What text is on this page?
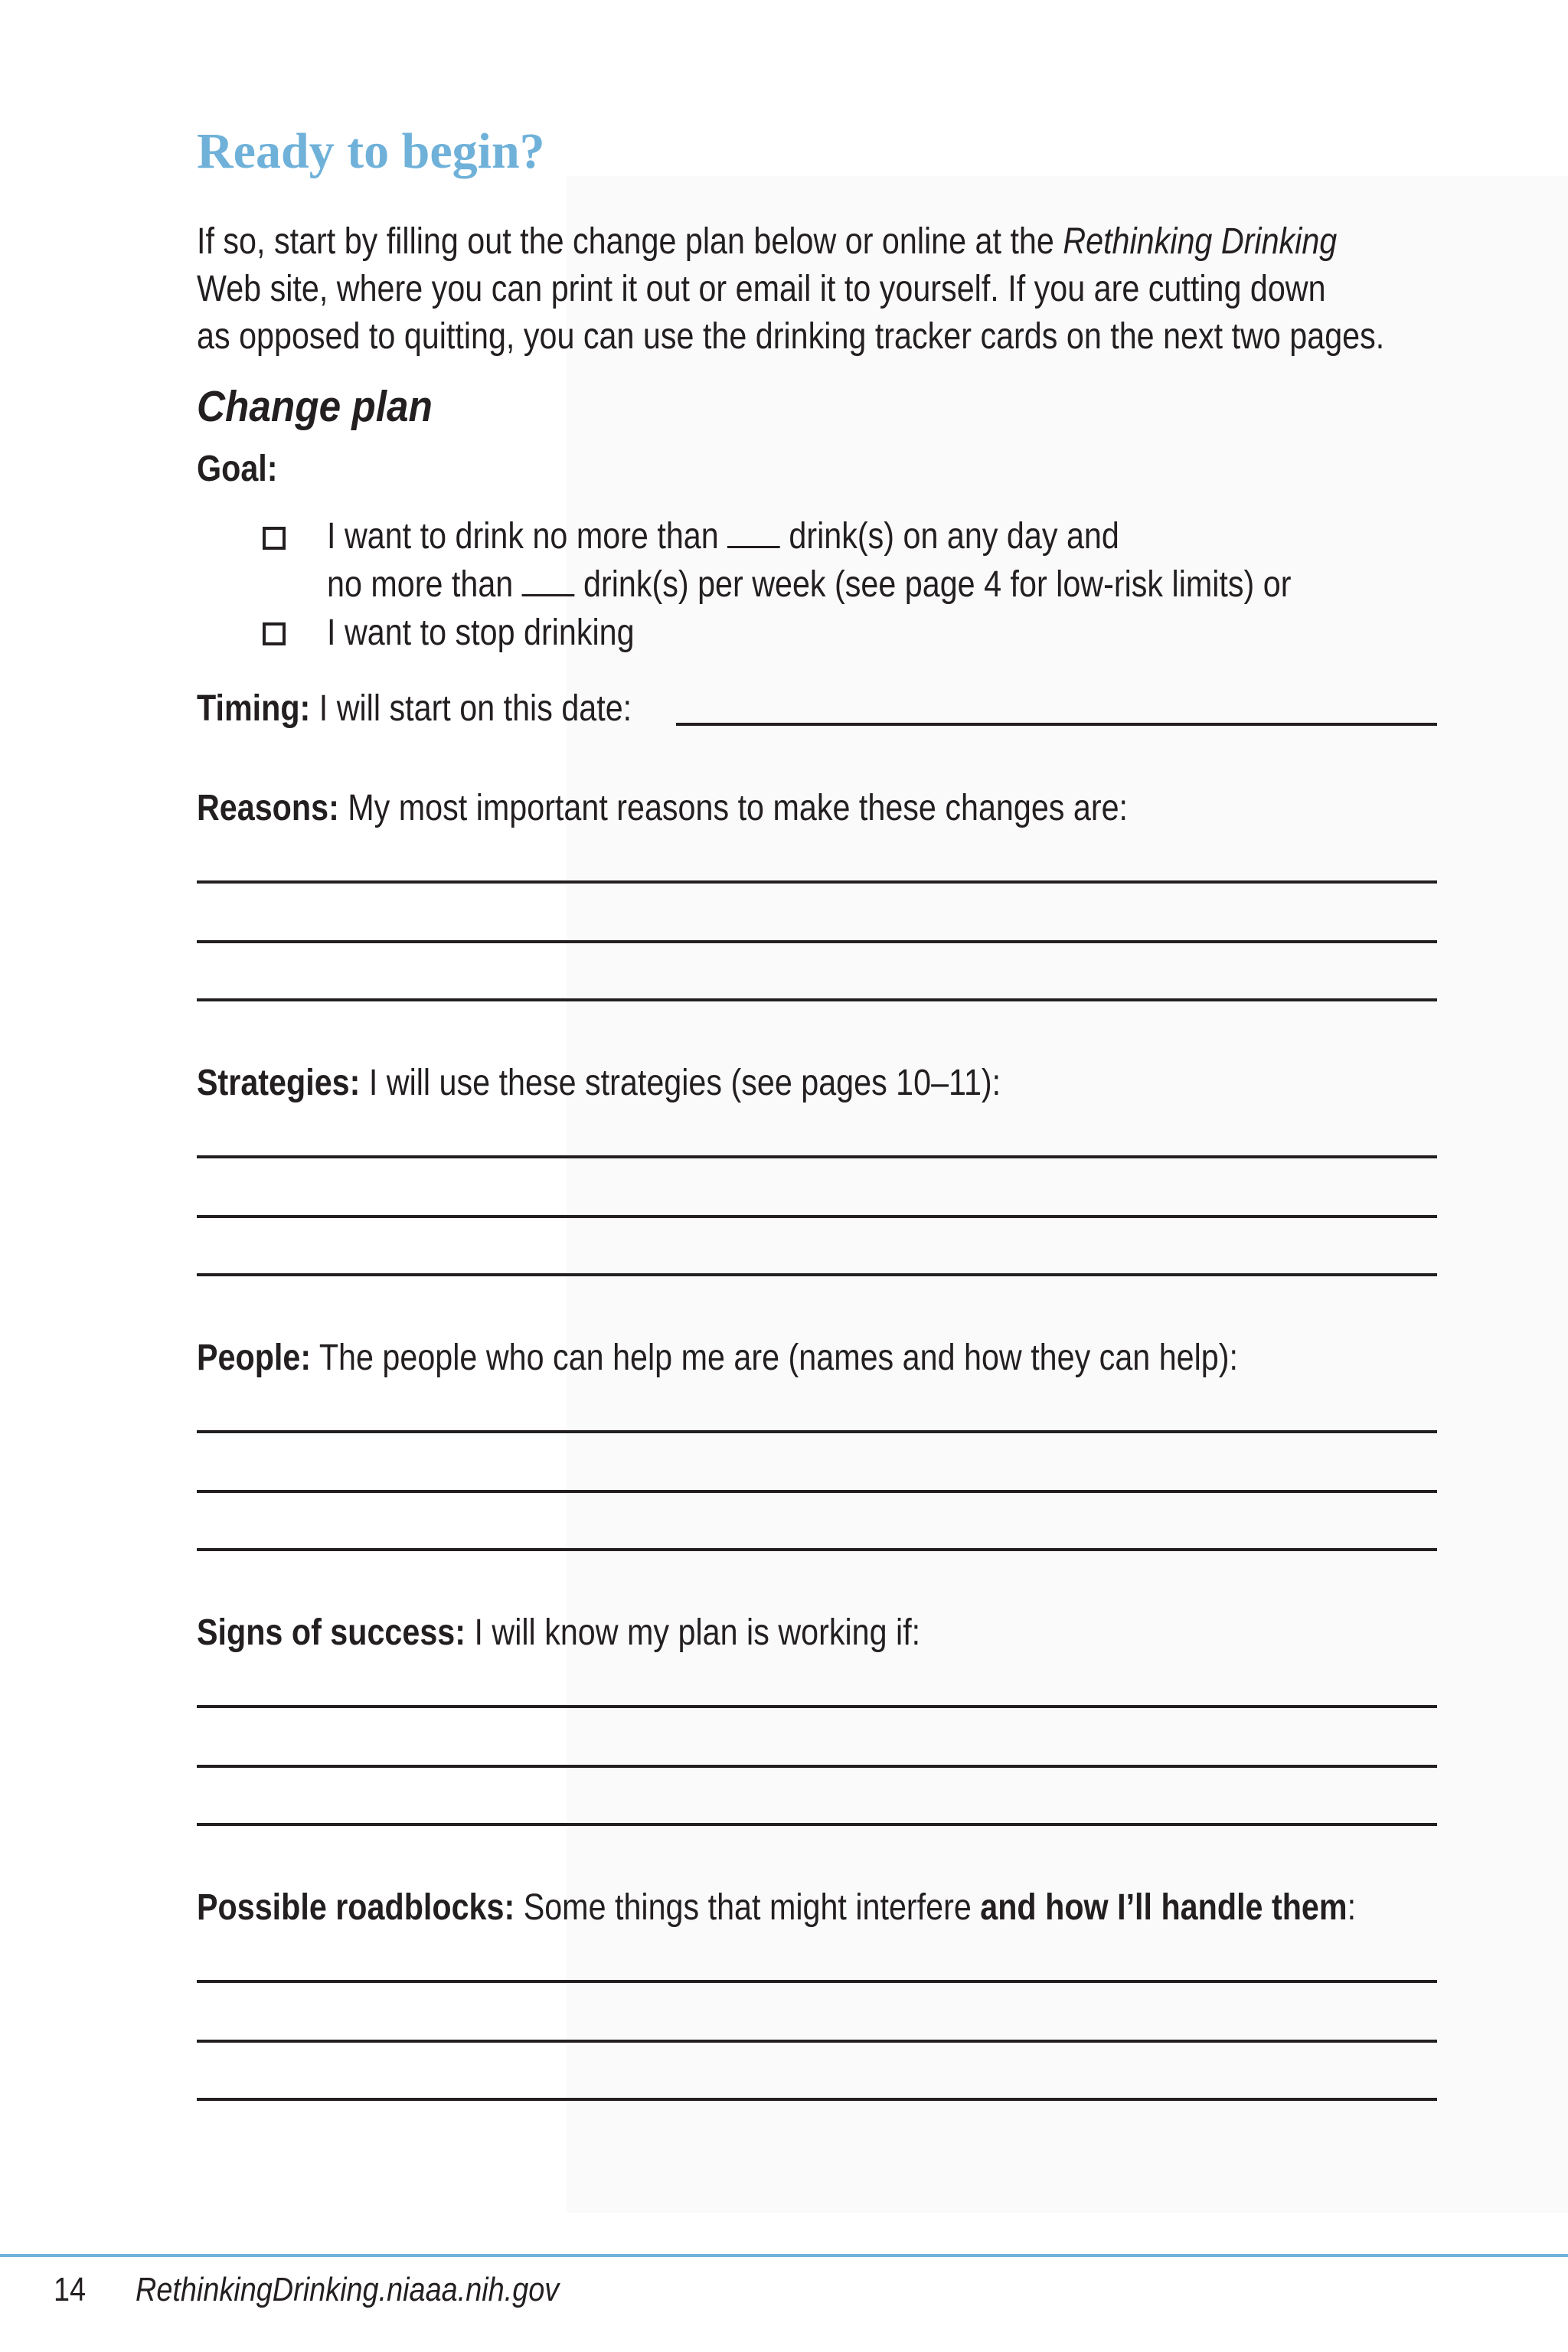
Ready to begin?
If so, start by filling out the change plan below or online at the Rethinking Drinking
Web site, where you can print it out or email it to yourself. If you are cutting down
as opposed to quitting, you can use the drinking tracker cards on the next two pages.
Change plan
Goal:
I want to drink no more than  drink(s) on any day and
no more than  drink(s) per week (see page 4 for low-risk limits) or
I want to stop drinking
Timing: I will start on this date:
Reasons: My most important reasons to make these changes are:
Strategies: I will use these strategies (see pages 10–11):
People: The people who can help me are (names and how they can help):
Signs of success: I will know my plan is working if:
Possible roadblocks: Some things that might interfere and how I’ll handle them:
14 RethinkingDrinking.niaaa.nih.gov
